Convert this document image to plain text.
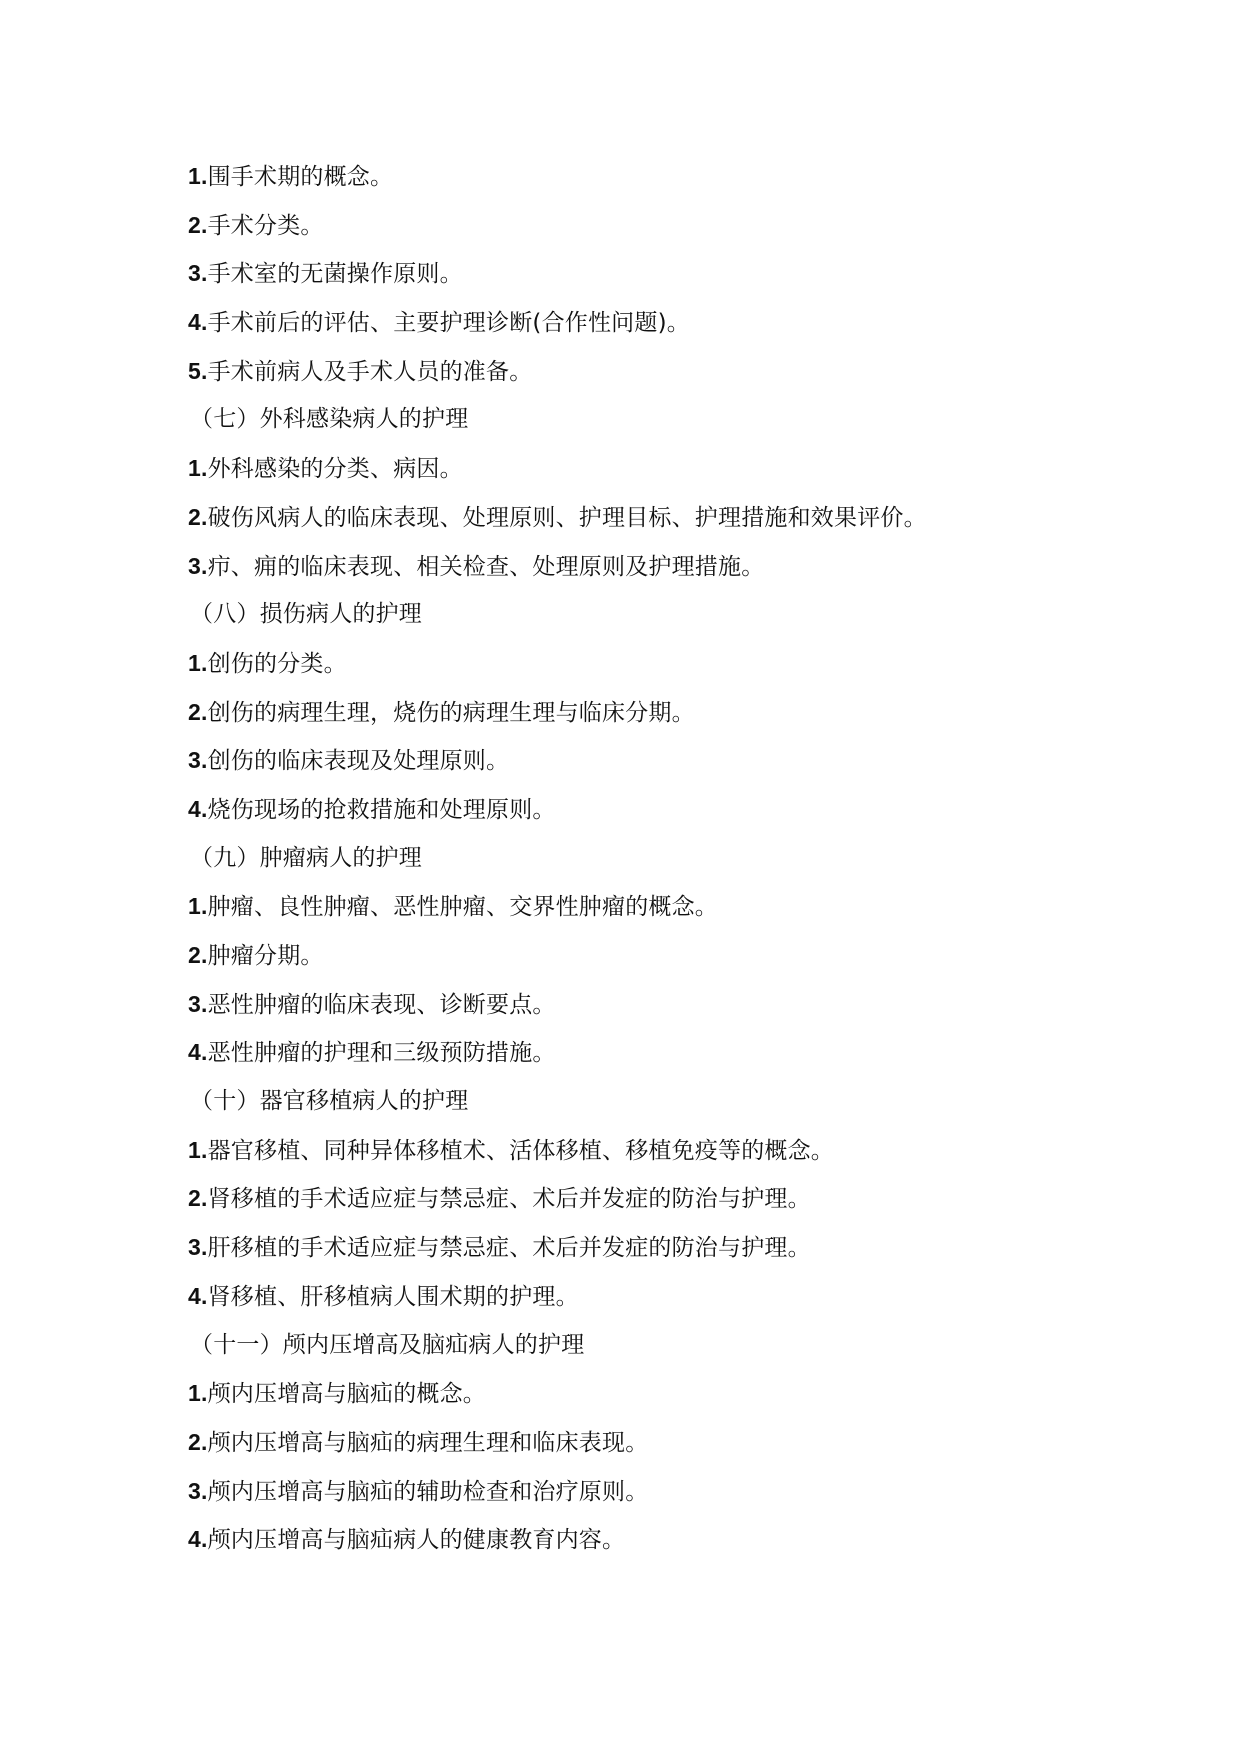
1.围手术期的概念。
2.手术分类。
3.手术室的无菌操作原则。
4.手术前后的评估、主要护理诊断(合作性问题)。
5.手术前病人及手术人员的准备。
（七）外科感染病人的护理
1.外科感染的分类、病因。
2.破伤风病人的临床表现、处理原则、护理目标、护理措施和效果评价。
3.疖、痈的临床表现、相关检查、处理原则及护理措施。
（八）损伤病人的护理
1.创伤的分类。
2.创伤的病理生理，烧伤的病理生理与临床分期。
3.创伤的临床表现及处理原则。
4.烧伤现场的抢救措施和处理原则。
（九）肿瘤病人的护理
1.肿瘤、良性肿瘤、恶性肿瘤、交界性肿瘤的概念。
2.肿瘤分期。
3.恶性肿瘤的临床表现、诊断要点。
4.恶性肿瘤的护理和三级预防措施。
（十）器官移植病人的护理
1.器官移植、同种异体移植术、活体移植、移植免疫等的概念。
2.肾移植的手术适应症与禁忌症、术后并发症的防治与护理。
3.肝移植的手术适应症与禁忌症、术后并发症的防治与护理。
4.肾移植、肝移植病人围术期的护理。
（十一）颅内压增高及脑疝病人的护理
1.颅内压增高与脑疝的概念。
2.颅内压增高与脑疝的病理生理和临床表现。
3.颅内压增高与脑疝的辅助检查和治疗原则。
4.颅内压增高与脑疝病人的健康教育内容。
